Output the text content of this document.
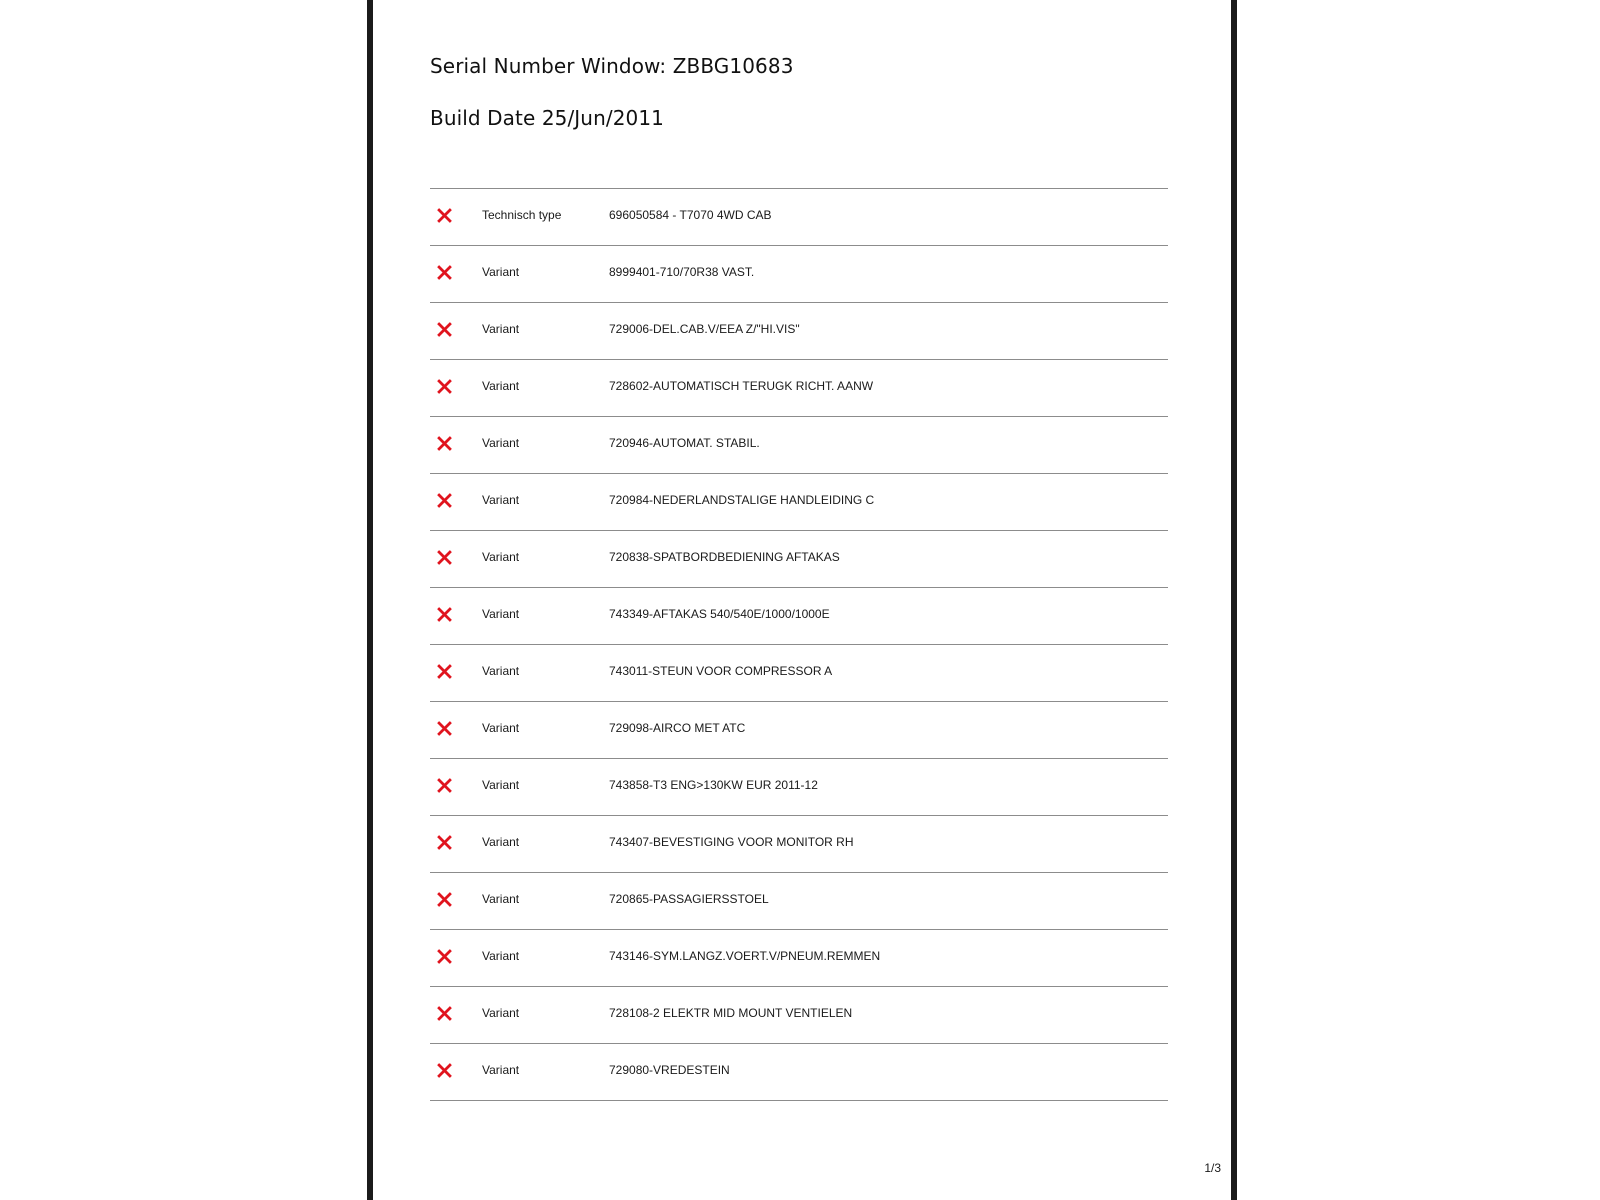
Serial Number Window: ZBBG10683
Build Date 25/Jun/2011
Technisch type	696050584 - T7070 4WD CAB
Variant	8999401-710/70R38 VAST.
Variant	729006-DEL.CAB.V/EEA Z/"HI.VIS"
Variant	728602-AUTOMATISCH TERUGK RICHT. AANW
Variant	720946-AUTOMAT. STABIL.
Variant	720984-NEDERLANDSTALIGE HANDLEIDING C
Variant	720838-SPATBORDBEDIENING AFTAKAS
Variant	743349-AFTAKAS 540/540E/1000/1000E
Variant	743011-STEUN VOOR COMPRESSOR A
Variant	729098-AIRCO MET ATC
Variant	743858-T3 ENG>130KW EUR 2011-12
Variant	743407-BEVESTIGING VOOR MONITOR RH
Variant	720865-PASSAGIERSSTOEL
Variant	743146-SYM.LANGZ.VOERT.V/PNEUM.REMMEN
Variant	728108-2 ELEKTR MID MOUNT VENTIELEN
Variant	729080-VREDESTEIN
1/3
